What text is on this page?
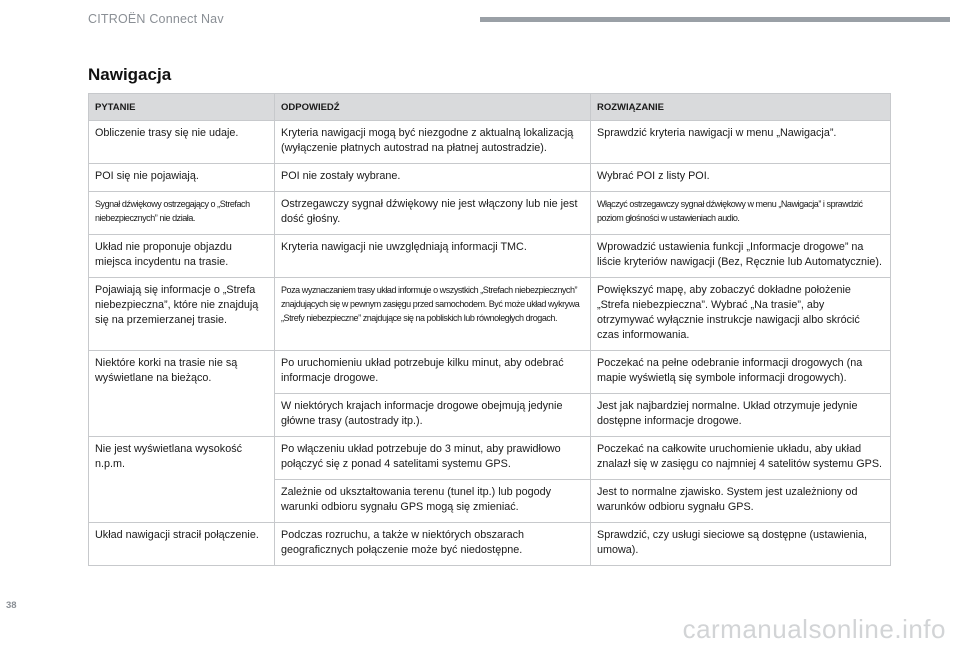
CITROËN Connect Nav
Nawigacja
PYTANIE	ODPOWIEDŹ	ROZWIĄZANIE
Obliczenie trasy się nie udaje.	Kryteria nawigacji mogą być niezgodne z aktualną lokalizacją (wyłączenie płatnych autostrad na płatnej autostradzie).	Sprawdzić kryteria nawigacji w menu „Nawigacja”.
POI się nie pojawiają.	POI nie zostały wybrane.	Wybrać POI z listy POI.
Sygnał dźwiękowy ostrzegający o „Strefach niebezpiecznych” nie działa.	Ostrzegawczy sygnał dźwiękowy nie jest włączony lub nie jest dość głośny.	Włączyć ostrzegawczy sygnał dźwiękowy w menu „Nawigacja” i sprawdzić poziom głośności w ustawieniach audio.
Układ nie proponuje objazdu miejsca incydentu na trasie.	Kryteria nawigacji nie uwzględniają informacji TMC.	Wprowadzić ustawienia funkcji „Informacje drogowe” na liście kryteriów nawigacji (Bez, Ręcznie lub Automatycznie).
Pojawiają się informacje o „Strefa niebezpieczna”, które nie znajdują się na przemierzanej trasie.	Poza wyznaczaniem trasy układ informuje o wszystkich „Strefach niebezpiecznych” znajdujących się w pewnym zasięgu przed samochodem. Być może układ wykrywa „Strefy niebezpieczne” znajdujące się na pobliskich lub równoległych drogach.	Powiększyć mapę, aby zobaczyć dokładne położenie „Strefa niebezpieczna”. Wybrać „Na trasie”, aby otrzymywać wyłącznie instrukcje nawigacji albo skrócić czas informowania.
Niektóre korki na trasie nie są wyświetlane na bieżąco.	Po uruchomieniu układ potrzebuje kilku minut, aby odebrać informacje drogowe.	Poczekać na pełne odebranie informacji drogowych (na mapie wyświetlą się symbole informacji drogowych).
	W niektórych krajach informacje drogowe obejmują jedynie główne trasy (autostrady itp.).	Jest jak najbardziej normalne. Układ otrzymuje jedynie dostępne informacje drogowe.
Nie jest wyświetlana wysokość n.p.m.	Po włączeniu układ potrzebuje do 3 minut, aby prawidłowo połączyć się z ponad 4 satelitami systemu GPS.	Poczekać na całkowite uruchomienie układu, aby układ znalazł się w zasięgu co najmniej 4 satelitów systemu GPS.
	Zależnie od ukształtowania terenu (tunel itp.) lub pogody warunki odbioru sygnału GPS mogą się zmieniać.	Jest to normalne zjawisko. System jest uzależniony od warunków odbioru sygnału GPS.
Układ nawigacji stracił połączenie.	Podczas rozruchu, a także w niektórych obszarach geograficznych połączenie może być niedostępne.	Sprawdzić, czy usługi sieciowe są dostępne (ustawienia, umowa).
38
carmanualsonline.info
